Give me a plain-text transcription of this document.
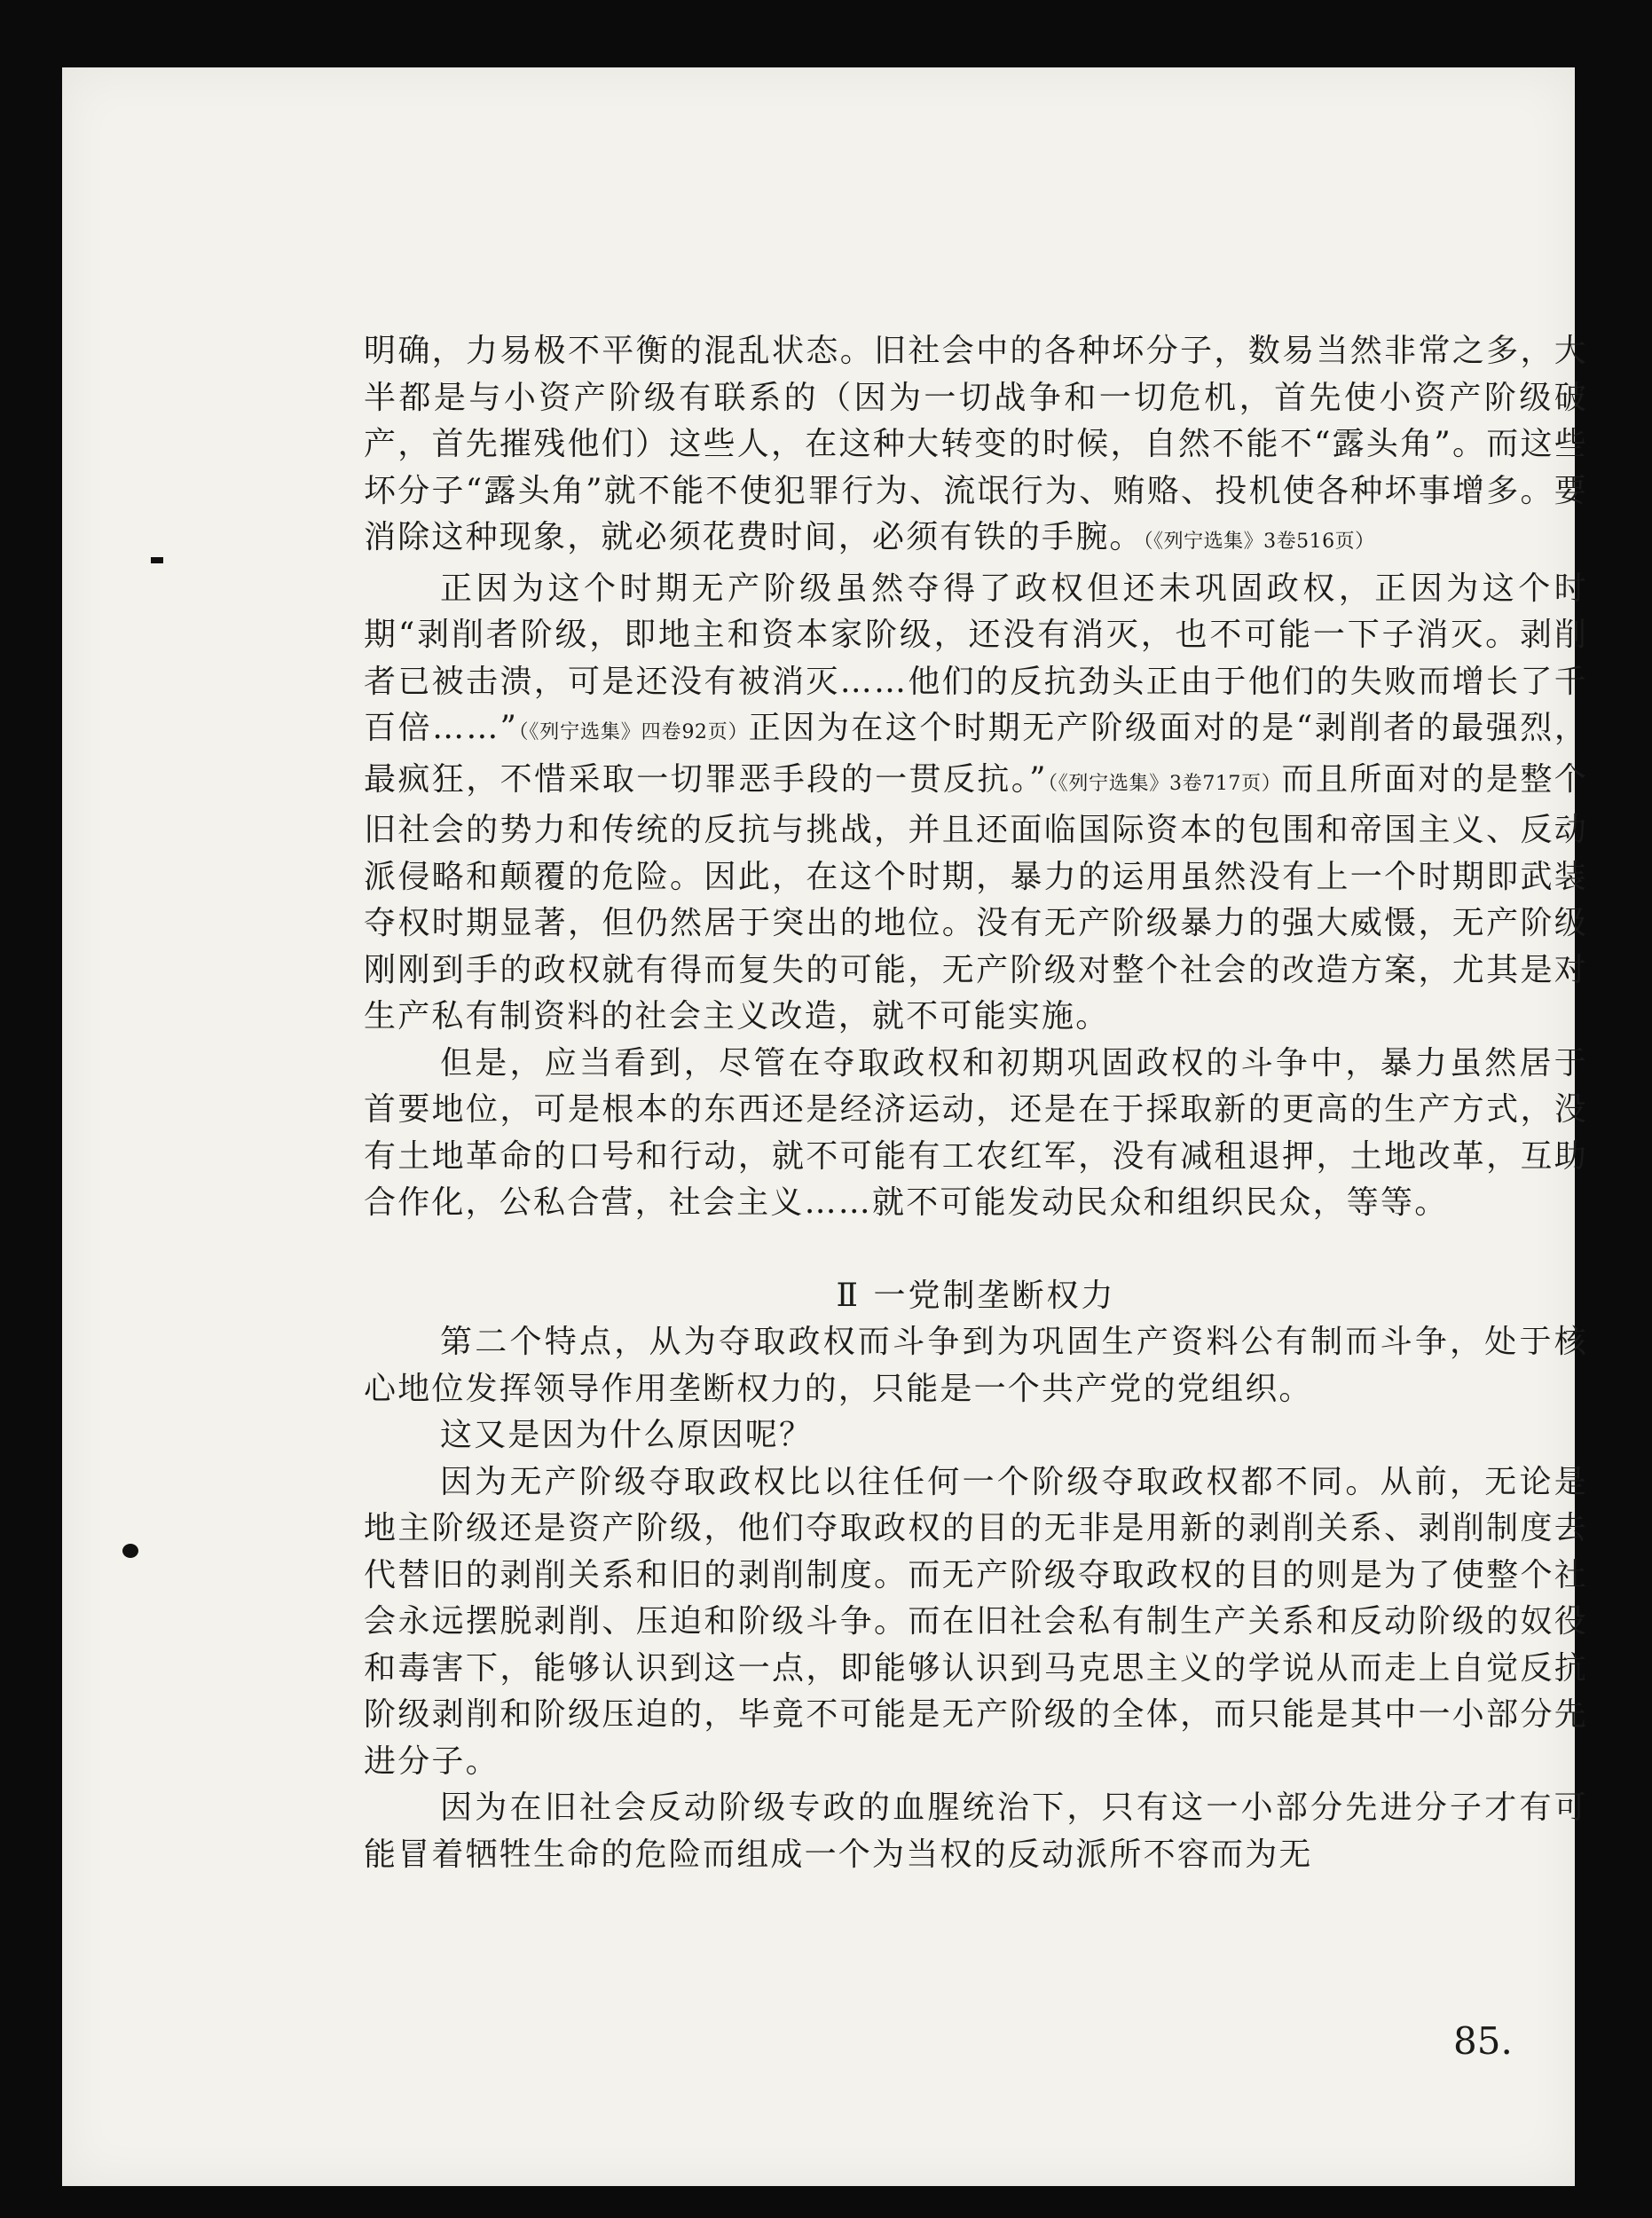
明确，力易极不平衡的混乱状态。旧社会中的各种坏分子，数易当然非常之多，大半都是与小资产阶级有联系的（因为一切战争和一切危机，首先使小资产阶级破产，首先摧残他们）这些人，在这种大转变的时候，自然不能不“露头角”。而这些坏分子“露头角”就不能不使犯罪行为、流氓行为、贿赂、投机使各种坏事增多。要消除这种现象，就必须花费时间，必须有铁的手腕。（《列宁选集》3卷516页）

正因为这个时期无产阶级虽然夺得了政权但还未巩固政权，正因为这个时期“剥削者阶级，即地主和资本家阶级，还没有消灭，也不可能一下子消灭。剥削者已被击溃，可是还没有被消灭……他们的反抗劲头正由于他们的失败而增长了千百倍……”（《列宁选集》四卷92页）正因为在这个时期无产阶级面对的是“剥削者的最强烈，最疯狂，不惜采取一切罪恶手段的一贯反抗。”（《列宁选集》3卷717页）而且所面对的是整个旧社会的势力和传统的反抗与挑战，并且还面临国际资本的包围和帝国主义、反动派侵略和颠覆的危险。因此，在这个时期，暴力的运用虽然没有上一个时期即武装夺权时期显著，但仍然居于突出的地位。没有无产阶级暴力的强大威慑，无产阶级刚刚到手的政权就有得而复失的可能，无产阶级对整个社会的改造方案，尤其是对生产私有制资料的社会主义改造，就不可能实施。

但是，应当看到，尽管在夺取政权和初期巩固政权的斗争中，暴力虽然居于首要地位，可是根本的东西还是经济运动，还是在于採取新的更高的生产方式，没有土地革命的口号和行动，就不可能有工农红军，没有减租退押，土地改革，互助合作化，公私合营，社会主义……就不可能发动民众和组织民众，等等。

Ⅱ 一党制垄断权力

第二个特点，从为夺取政权而斗争到为巩固生产资料公有制而斗争，处于核心地位发挥领导作用垄断权力的，只能是一个共产党的党组织。

这又是因为什么原因呢？

因为无产阶级夺取政权比以往任何一个阶级夺取政权都不同。从前，无论是地主阶级还是资产阶级，他们夺取政权的目的无非是用新的剥削关系、剥削制度去代替旧的剥削关系和旧的剥削制度。而无产阶级夺取政权的目的则是为了使整个社会永远摆脱剥削、压迫和阶级斗争。而在旧社会私有制生产关系和反动阶级的奴役和毒害下，能够认识到这一点，即能够认识到马克思主义的学说从而走上自觉反抗阶级剥削和阶级压迫的，毕竟不可能是无产阶级的全体，而只能是其中一小部分先进分子。

因为在旧社会反动阶级专政的血腥统治下，只有这一小部分先进分子才有可能冒着牺牲生命的危险而组成一个为当权的反动派所不容而为无

85.
